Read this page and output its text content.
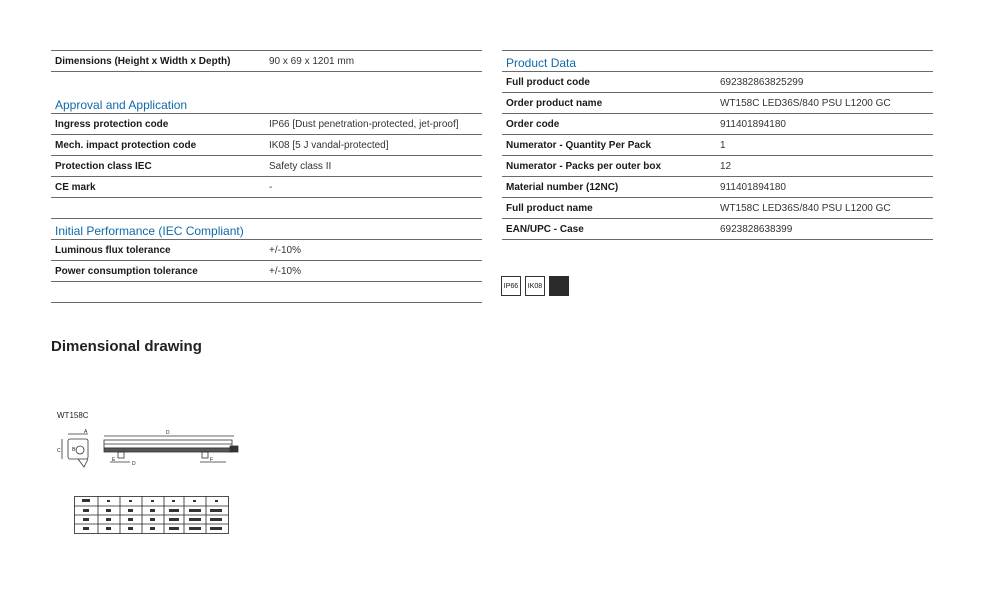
Dimensions (Height x Width x Depth)	90 x 69 x 1201 mm
Approval and Application
Ingress protection code	IP66 [Dust penetration-protected, jet-proof]
Mech. impact protection code	IK08 [5 J vandal-protected]
Protection class IEC	Safety class II
CE mark	-
Initial Performance (IEC Compliant)
Luminous flux tolerance	+/-10%
Power consumption tolerance	+/-10%
Product Data
Full product code	692382863825299
Order product name	WT158C LED36S/840 PSU L1200 GC
Order code	911401894180
Numerator - Quantity Per Pack	1
Numerator - Packs per outer box	12
Material number (12NC)	911401894180
Full product name	WT158C LED36S/840 PSU L1200 GC
EAN/UPC - Case	6923828638399
IP66	IK08
Dimensional drawing
WT158C
A
B
C
D
E
D
F
